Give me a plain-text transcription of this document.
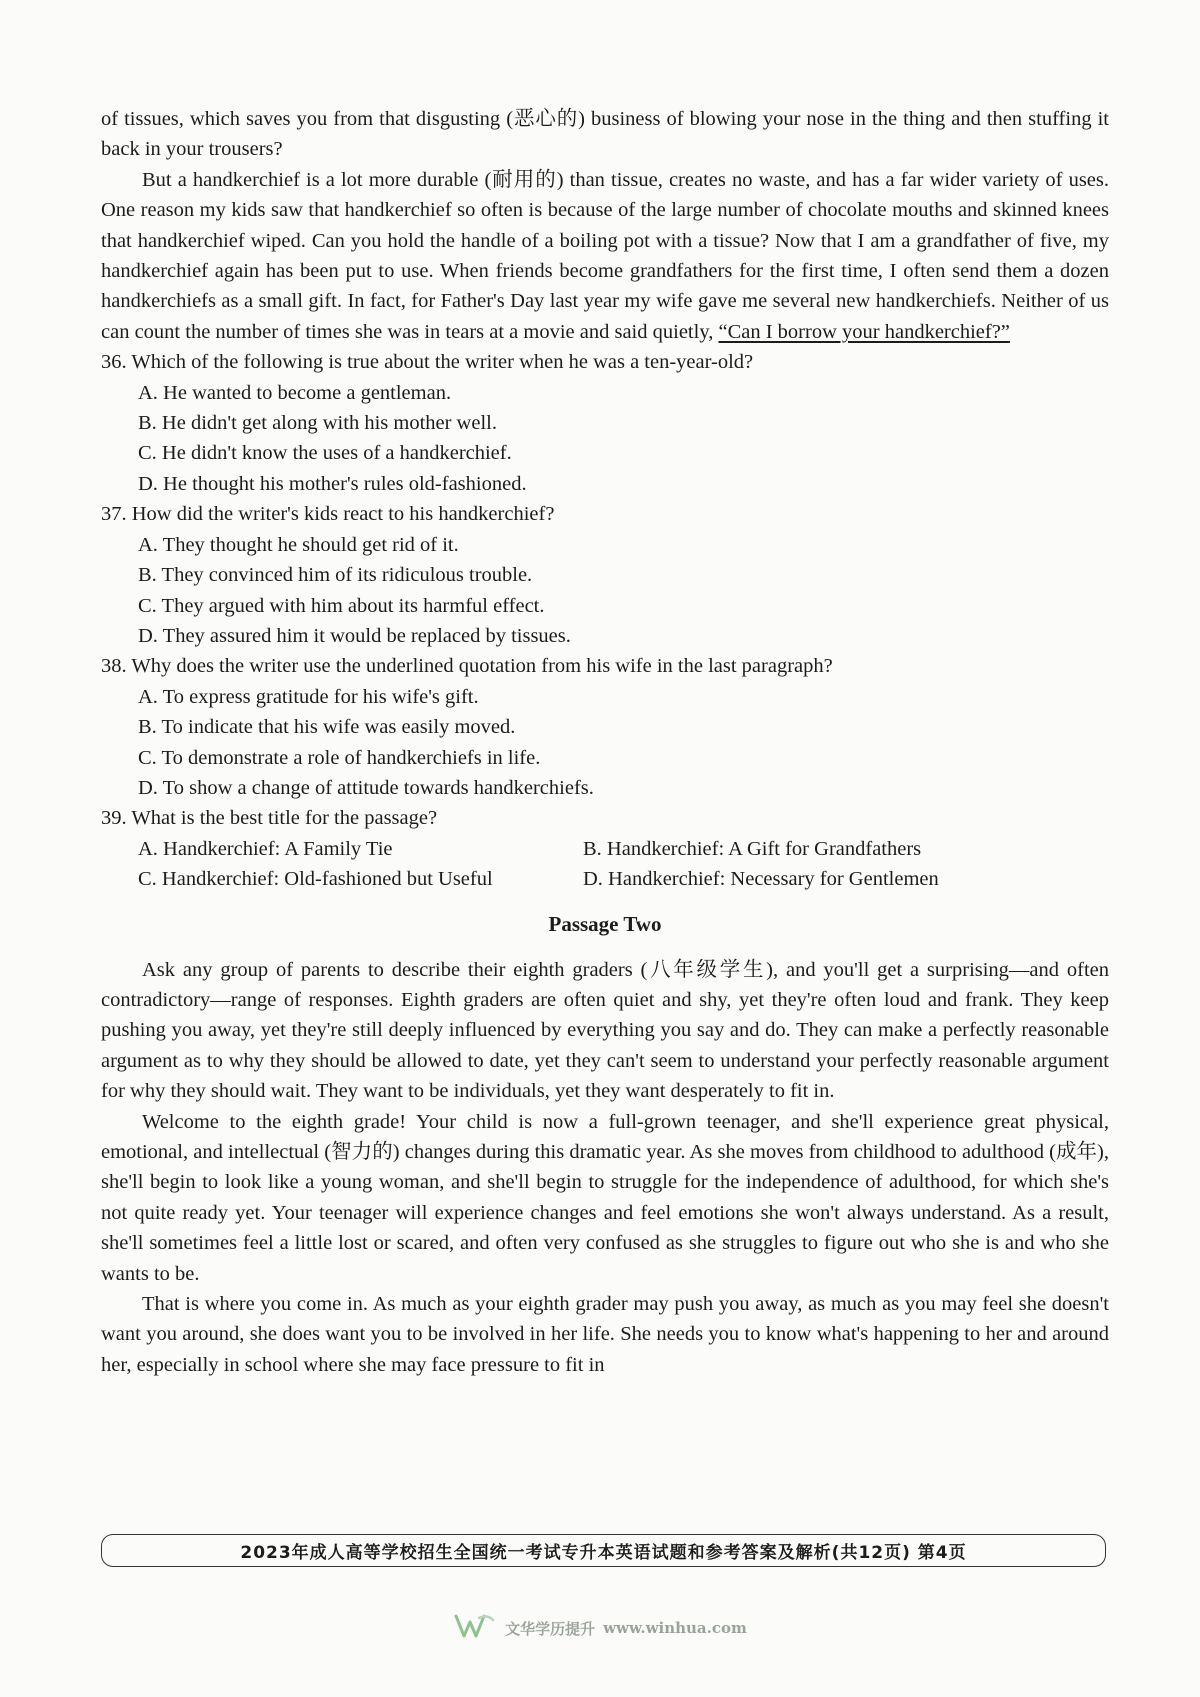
of tissues, which saves you from that disgusting (恶心的) business of blowing your nose in the thing and then stuffing it back in your trousers?

But a handkerchief is a lot more durable (耐用的) than tissue, creates no waste, and has a far wider variety of uses. One reason my kids saw that handkerchief so often is because of the large number of chocolate mouths and skinned knees that handkerchief wiped. Can you hold the handle of a boiling pot with a tissue? Now that I am a grandfather of five, my handkerchief again has been put to use. When friends become grandfathers for the first time, I often send them a dozen handkerchiefs as a small gift. In fact, for Father's Day last year my wife gave me several new handkerchiefs. Neither of us can count the number of times she was in tears at a movie and said quietly, “Can I borrow your handkerchief?”

36. Which of the following is true about the writer when he was a ten-year-old?

A. He wanted to become a gentleman.

B. He didn't get along with his mother well.

C. He didn't know the uses of a handkerchief.

D. He thought his mother's rules old-fashioned.

37. How did the writer's kids react to his handkerchief?

A. They thought he should get rid of it.

B. They convinced him of its ridiculous trouble.

C. They argued with him about its harmful effect.

D. They assured him it would be replaced by tissues.

38. Why does the writer use the underlined quotation from his wife in the last paragraph?

A. To express gratitude for his wife's gift.

B. To indicate that his wife was easily moved.

C. To demonstrate a role of handkerchiefs in life.

D. To show a change of attitude towards handkerchiefs.

39. What is the best title for the passage?

A. Handkerchief: A Family Tie	B. Handkerchief: A Gift for Grandfathers
C. Handkerchief: Old-fashioned but Useful	D. Handkerchief: Necessary for Gentlemen
Passage Two

Ask any group of parents to describe their eighth graders (八年级学生), and you'll get a surprising—and often contradictory—range of responses. Eighth graders are often quiet and shy, yet they're often loud and frank. They keep pushing you away, yet they're still deeply influenced by everything you say and do. They can make a perfectly reasonable argument as to why they should be allowed to date, yet they can't seem to understand your perfectly reasonable argument for why they should wait. They want to be individuals, yet they want desperately to fit in.

Welcome to the eighth grade! Your child is now a full-grown teenager, and she'll experience great physical, emotional, and intellectual (智力的) changes during this dramatic year. As she moves from childhood to adulthood (成年), she'll begin to look like a young woman, and she'll begin to struggle for the independence of adulthood, for which she's not quite ready yet. Your teenager will experience changes and feel emotions she won't always understand. As a result, she'll sometimes feel a little lost or scared, and often very confused as she struggles to figure out who she is and who she wants to be.

That is where you come in. As much as your eighth grader may push you away, as much as you may feel she doesn't want you around, she does want you to be involved in her life. She needs you to know what's happening to her and around her, especially in school where she may face pressure to fit in

2023年成人高等学校招生全国统一考试专升本英语试题和参考答案及解析(共12页) 第4页
文华学历提升 www.winhua.com
